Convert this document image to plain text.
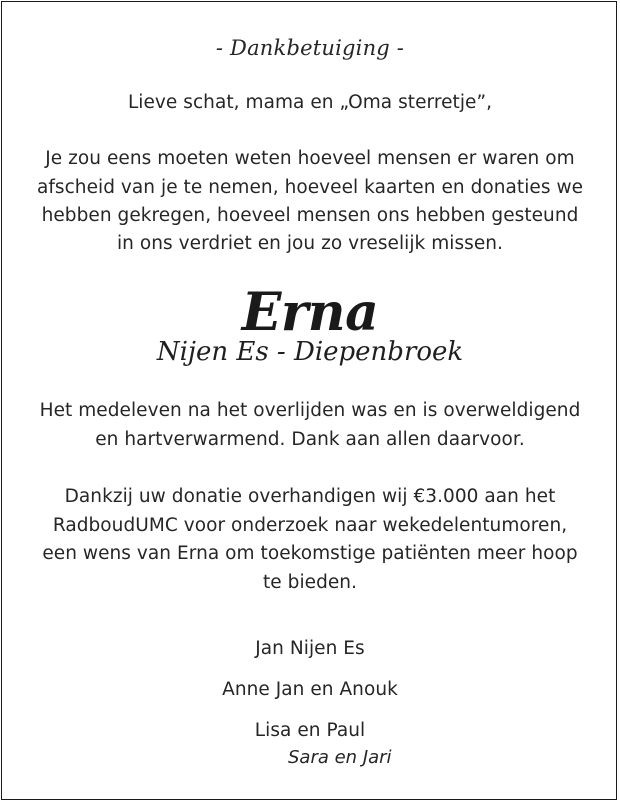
- Dankbetuiging -
Lieve schat, mama en „Oma sterretje”,
Je zou eens moeten weten hoeveel mensen er waren om
afscheid van je te nemen, hoeveel kaarten en donaties we
hebben gekregen, hoeveel mensen ons hebben gesteund
in ons verdriet en jou zo vreselijk missen.
Erna
Nijen Es - Diepenbroek
Het medeleven na het overlijden was en is overweldigend
en hartverwarmend. Dank aan allen daarvoor.
Dankzij uw donatie overhandigen wij €3.000 aan het
RadboudUMC voor onderzoek naar wekedelentumoren,
een wens van Erna om toekomstige patiënten meer hoop
te bieden.
Jan Nijen Es
Anne Jan en Anouk
Lisa en Paul
Sara en Jari
